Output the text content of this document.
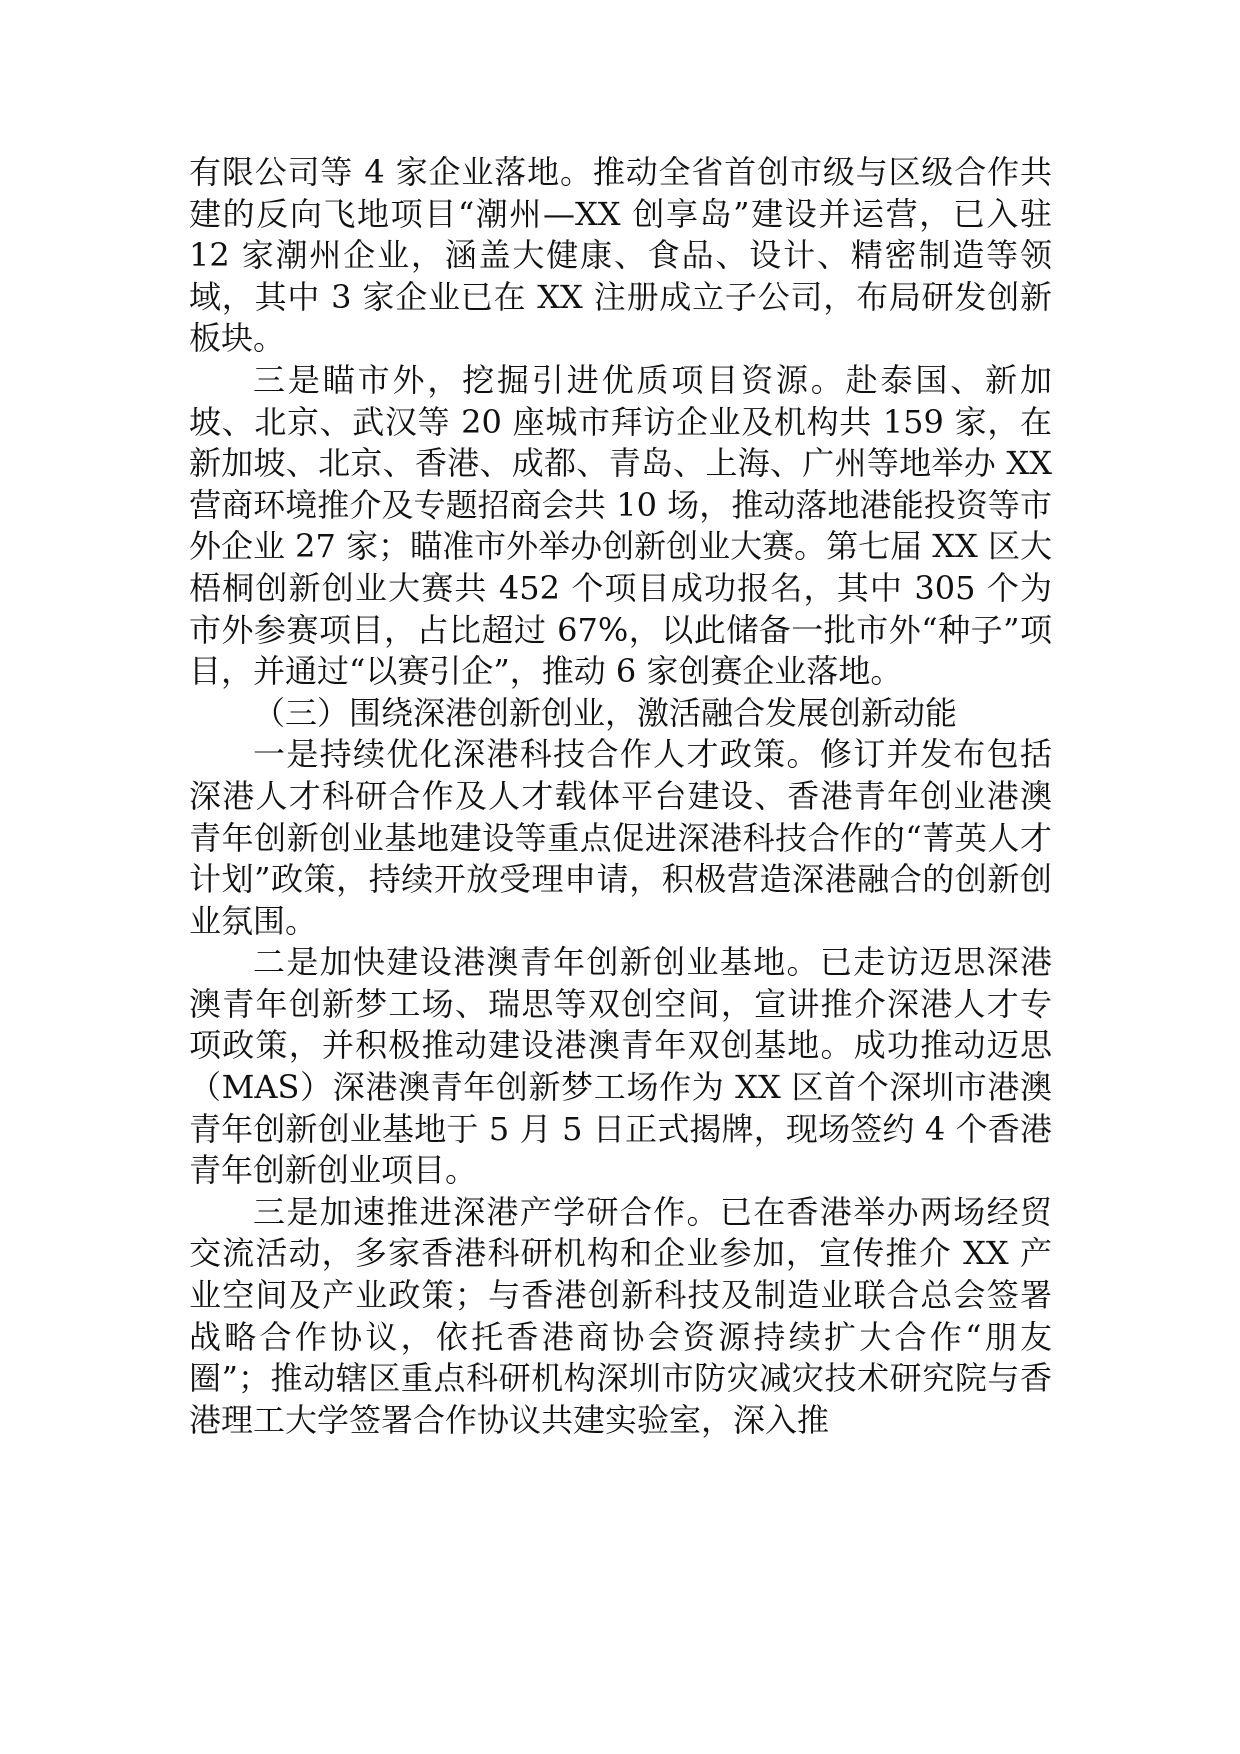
有限公司等 4 家企业落地。推动全省首创市级与区级合作共建的反向飞地项目“潮州—XX 创享岛”建设并运营，已入驻 12 家潮州企业，涵盖大健康、食品、设计、精密制造等领域，其中 3 家企业已在 XX 注册成立子公司，布局研发创新板块。

三是瞄市外，挖掘引进优质项目资源。赴泰国、新加坡、北京、武汉等 20 座城市拜访企业及机构共 159 家，在新加坡、北京、香港、成都、青岛、上海、广州等地举办 XX 营商环境推介及专题招商会共 10 场，推动落地港能投资等市外企业 27 家；瞄准市外举办创新创业大赛。第七届 XX 区大梧桐创新创业大赛共 452 个项目成功报名，其中 305 个为市外参赛项目，占比超过 67%，以此储备一批市外“种子”项目，并通过“以赛引企”，推动 6 家创赛企业落地。

（三）围绕深港创新创业，激活融合发展创新动能

一是持续优化深港科技合作人才政策。修订并发布包括深港人才科研合作及人才载体平台建设、香港青年创业港澳青年创新创业基地建设等重点促进深港科技合作的“菁英人才计划”政策，持续开放受理申请，积极营造深港融合的创新创业氛围。

二是加快建设港澳青年创新创业基地。已走访迈思深港澳青年创新梦工场、瑞思等双创空间，宣讲推介深港人才专项政策，并积极推动建设港澳青年双创基地。成功推动迈思（MAS）深港澳青年创新梦工场作为 XX 区首个深圳市港澳青年创新创业基地于 5 月 5 日正式揭牌，现场签约 4 个香港青年创新创业项目。

三是加速推进深港产学研合作。已在香港举办两场经贸交流活动，多家香港科研机构和企业参加，宣传推介 XX 产业空间及产业政策；与香港创新科技及制造业联合总会签署战略合作协议，依托香港商协会资源持续扩大合作“朋友圈”；推动辖区重点科研机构深圳市防灾减灾技术研究院与香港理工大学签署合作协议共建实验室，深入推
